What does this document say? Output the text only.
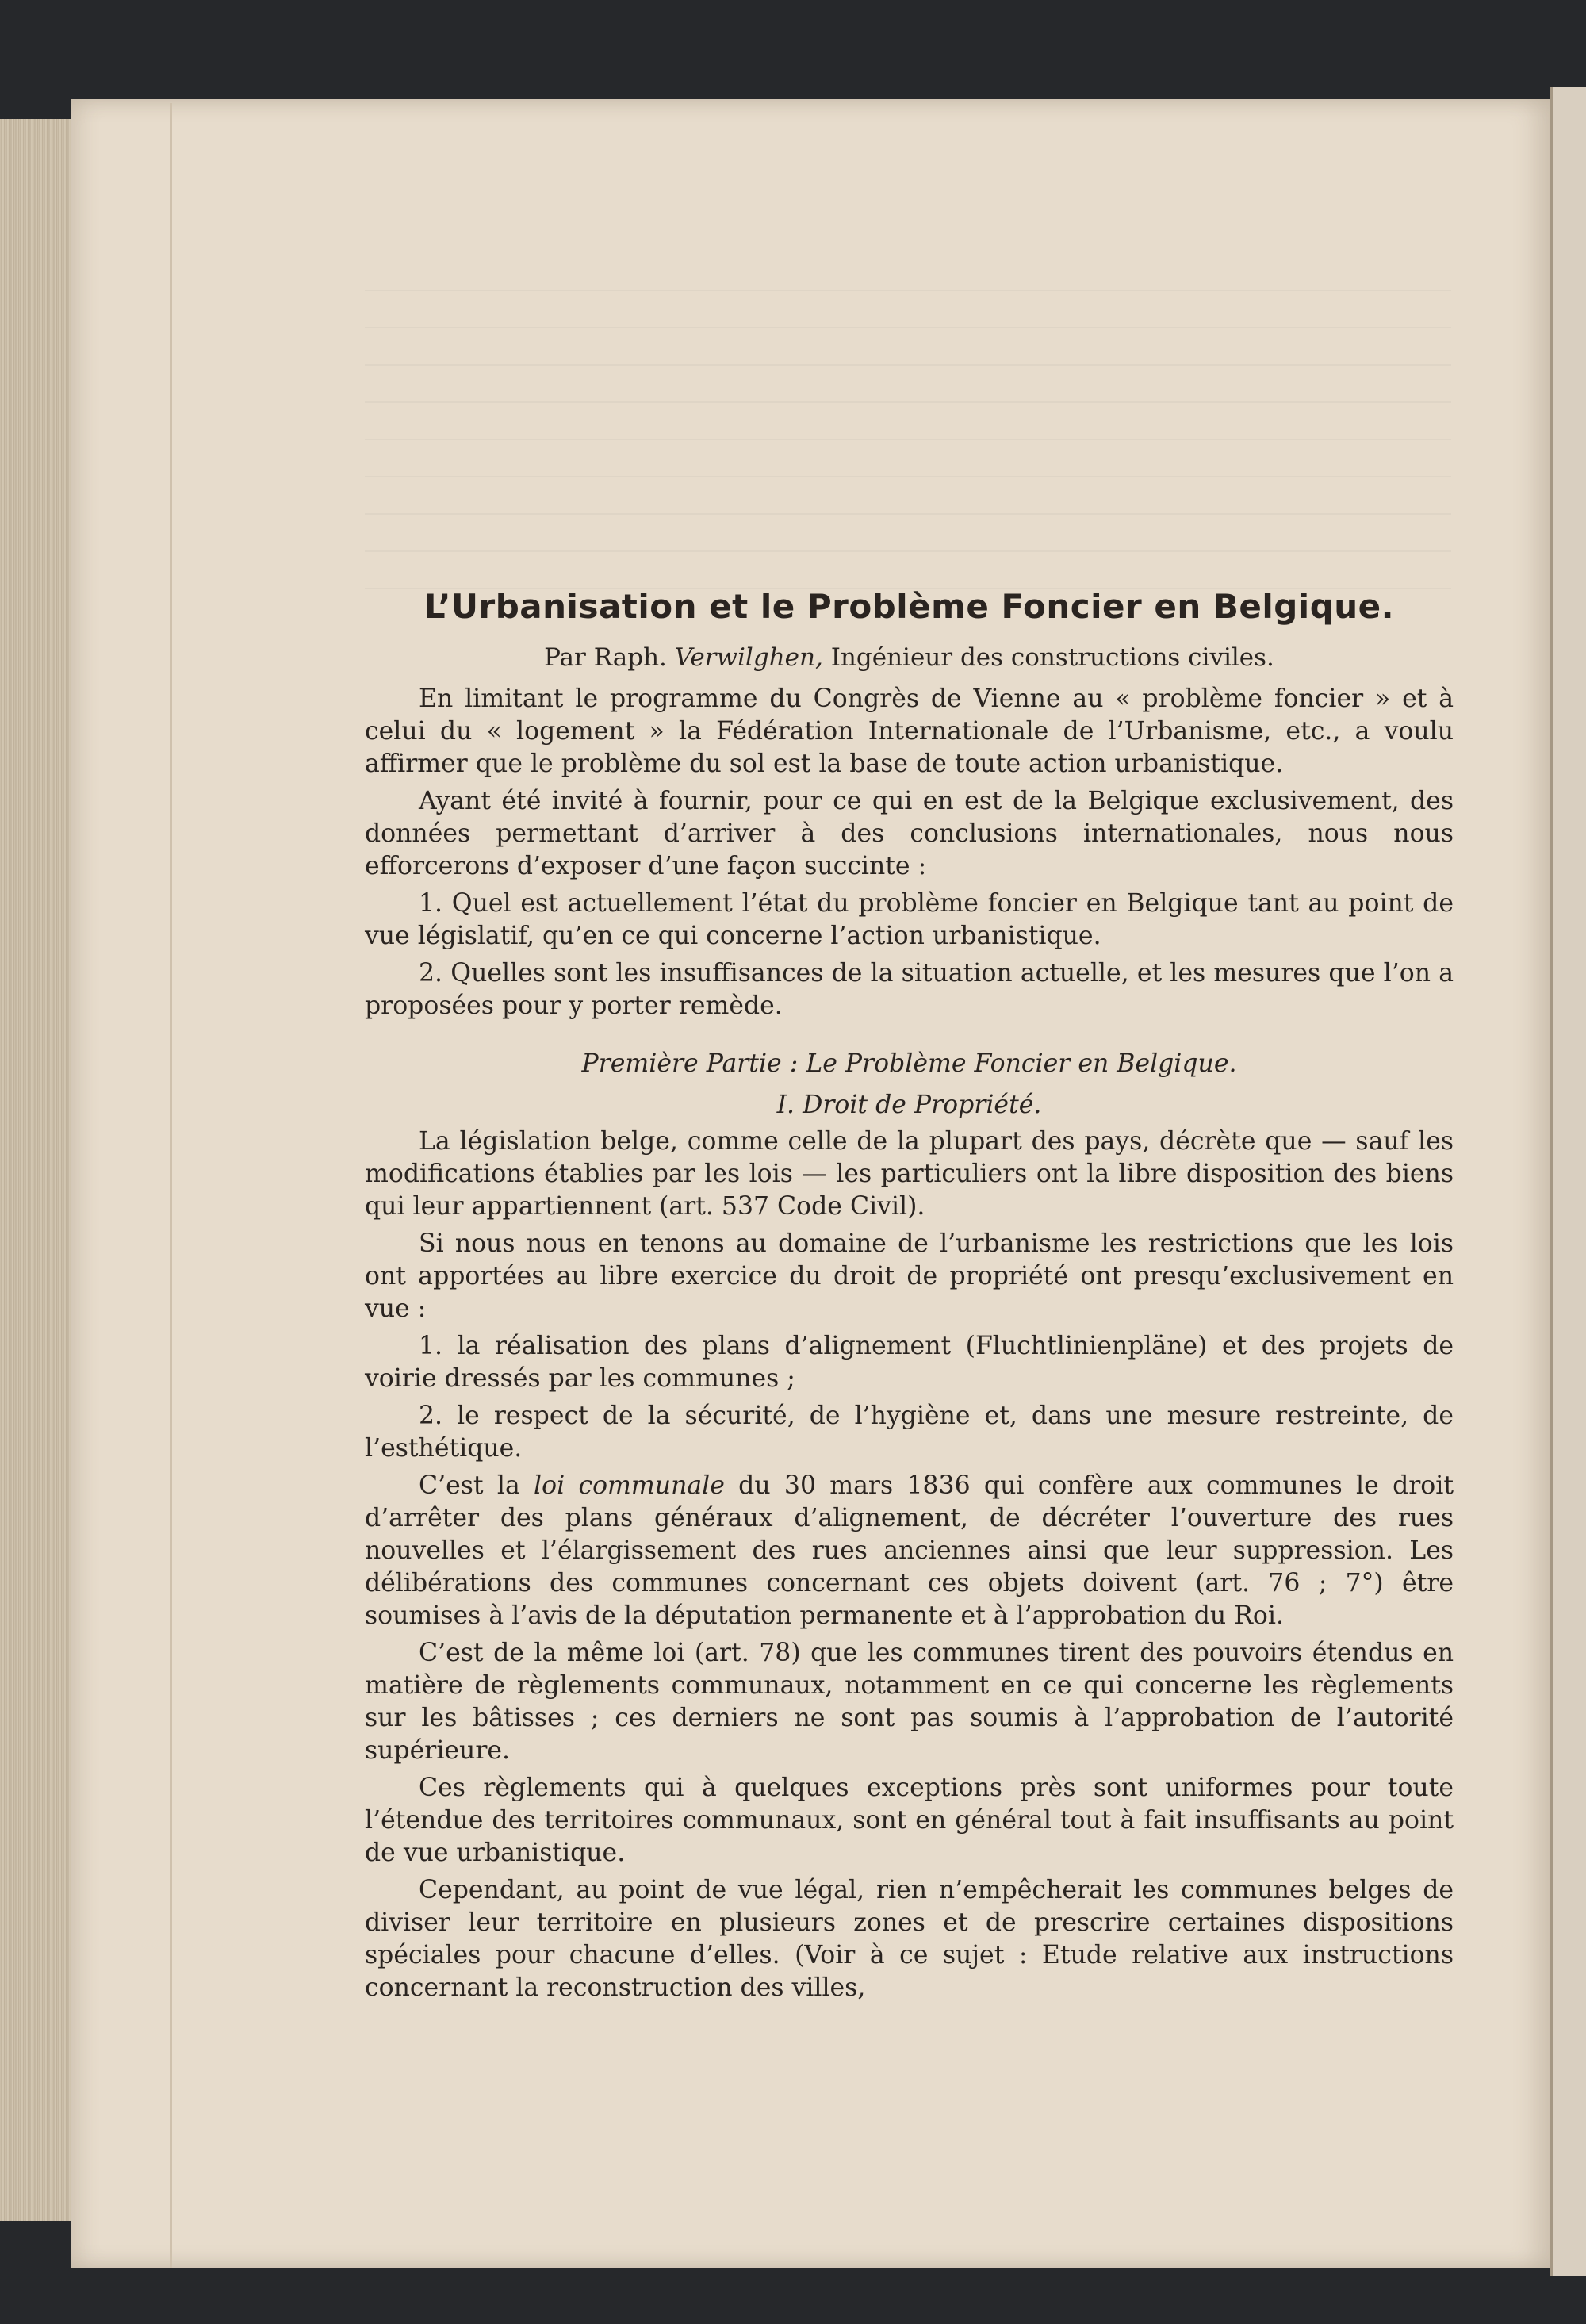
L’Urbanisation et le Problème Foncier en Belgique.
Par Raph. Verwilghen, Ingénieur des constructions civiles.

En limitant le programme du Congrès de Vienne au « problème foncier » et à celui du « logement » la Fédération Internationale de l’Urbanisme, etc., a voulu affirmer que le problème du sol est la base de toute action urbanistique.

Ayant été invité à fournir, pour ce qui en est de la Belgique exclusivement, des données permettant d’arriver à des conclusions internationales, nous nous efforcerons d’exposer d’une façon succinte :

1. Quel est actuellement l’état du problème foncier en Belgique tant au point de vue législatif, qu’en ce qui concerne l’action urbanistique.

2. Quelles sont les insuffisances de la situation actuelle, et les mesures que l’on a proposées pour y porter remède.

Première Partie : Le Problème Foncier en Belgique.
I. Droit de Propriété.

La législation belge, comme celle de la plupart des pays, décrète que — sauf les modifications établies par les lois — les particuliers ont la libre disposition des biens qui leur appartiennent (art. 537 Code Civil).

Si nous nous en tenons au domaine de l’urbanisme les restrictions que les lois ont apportées au libre exercice du droit de propriété ont presqu’exclusivement en vue :

1. la réalisation des plans d’alignement (Fluchtlinienpläne) et des projets de voirie dressés par les communes ;

2. le respect de la sécurité, de l’hygiène et, dans une mesure restreinte, de l’esthétique.

C’est la loi communale du 30 mars 1836 qui confère aux communes le droit d’arrêter des plans généraux d’alignement, de décréter l’ouverture des rues nouvelles et l’élargissement des rues anciennes ainsi que leur suppression. Les délibérations des communes concernant ces objets doivent (art. 76 ; 7°) être soumises à l’avis de la députation permanente et à l’approbation du Roi.

C’est de la même loi (art. 78) que les communes tirent des pouvoirs étendus en matière de règlements communaux, notamment en ce qui concerne les règlements sur les bâtisses ; ces derniers ne sont pas soumis à l’approbation de l’autorité supérieure.

Ces règlements qui à quelques exceptions près sont uniformes pour toute l’étendue des territoires communaux, sont en général tout à fait insuffisants au point de vue urbanistique.

Cependant, au point de vue légal, rien n’empêcherait les communes belges de diviser leur territoire en plusieurs zones et de prescrire certaines dispositions spéciales pour chacune d’elles. (Voir à ce sujet : Etude relative aux instructions concernant la reconstruction des villes,
